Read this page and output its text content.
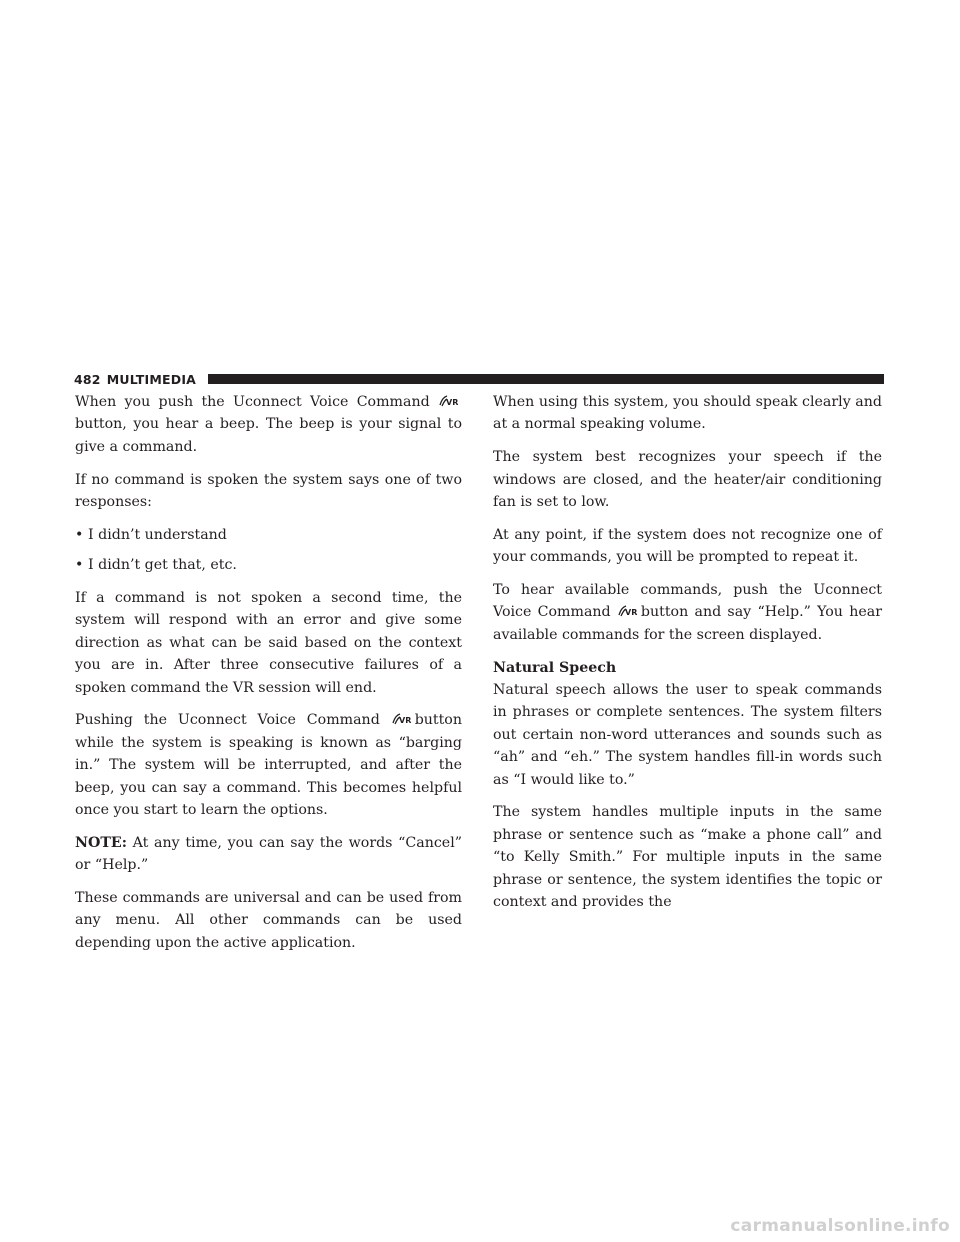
482 MULTIMEDIA

When you push the Uconnect Voice Command VR
button, you hear a beep. The beep is your signal to give a command.

If no command is spoken the system says one of two responses:

• I didn’t understand
• I didn’t get that, etc.

If a command is not spoken a second time, the system will respond with an error and give some direction as what can be said based on the context you are in. After three consecutive failures of a spoken command the VR session will end.

Pushing the Uconnect Voice Command VR button while the system is speaking is known as “barging in.” The system will be interrupted, and after the beep, you can say a command. This becomes helpful once you start to learn the options.

NOTE: At any time, you can say the words “Cancel” or “Help.”

These commands are universal and can be used from any menu. All other commands can be used depending upon the active application.

When using this system, you should speak clearly and at a normal speaking volume.

The system best recognizes your speech if the windows are closed, and the heater/air conditioning fan is set to low.

At any point, if the system does not recognize one of your commands, you will be prompted to repeat it.

To hear available commands, push the Uconnect Voice Command VR button and say “Help.” You hear available commands for the screen displayed.

Natural Speech

Natural speech allows the user to speak commands in phrases or complete sentences. The system filters out certain non-word utterances and sounds such as “ah” and “eh.” The system handles fill-in words such as “I would like to.”

The system handles multiple inputs in the same phrase or sentence such as “make a phone call” and “to Kelly Smith.” For multiple inputs in the same phrase or sentence, the system identifies the topic or context and provides the

carmanualsonline.info
